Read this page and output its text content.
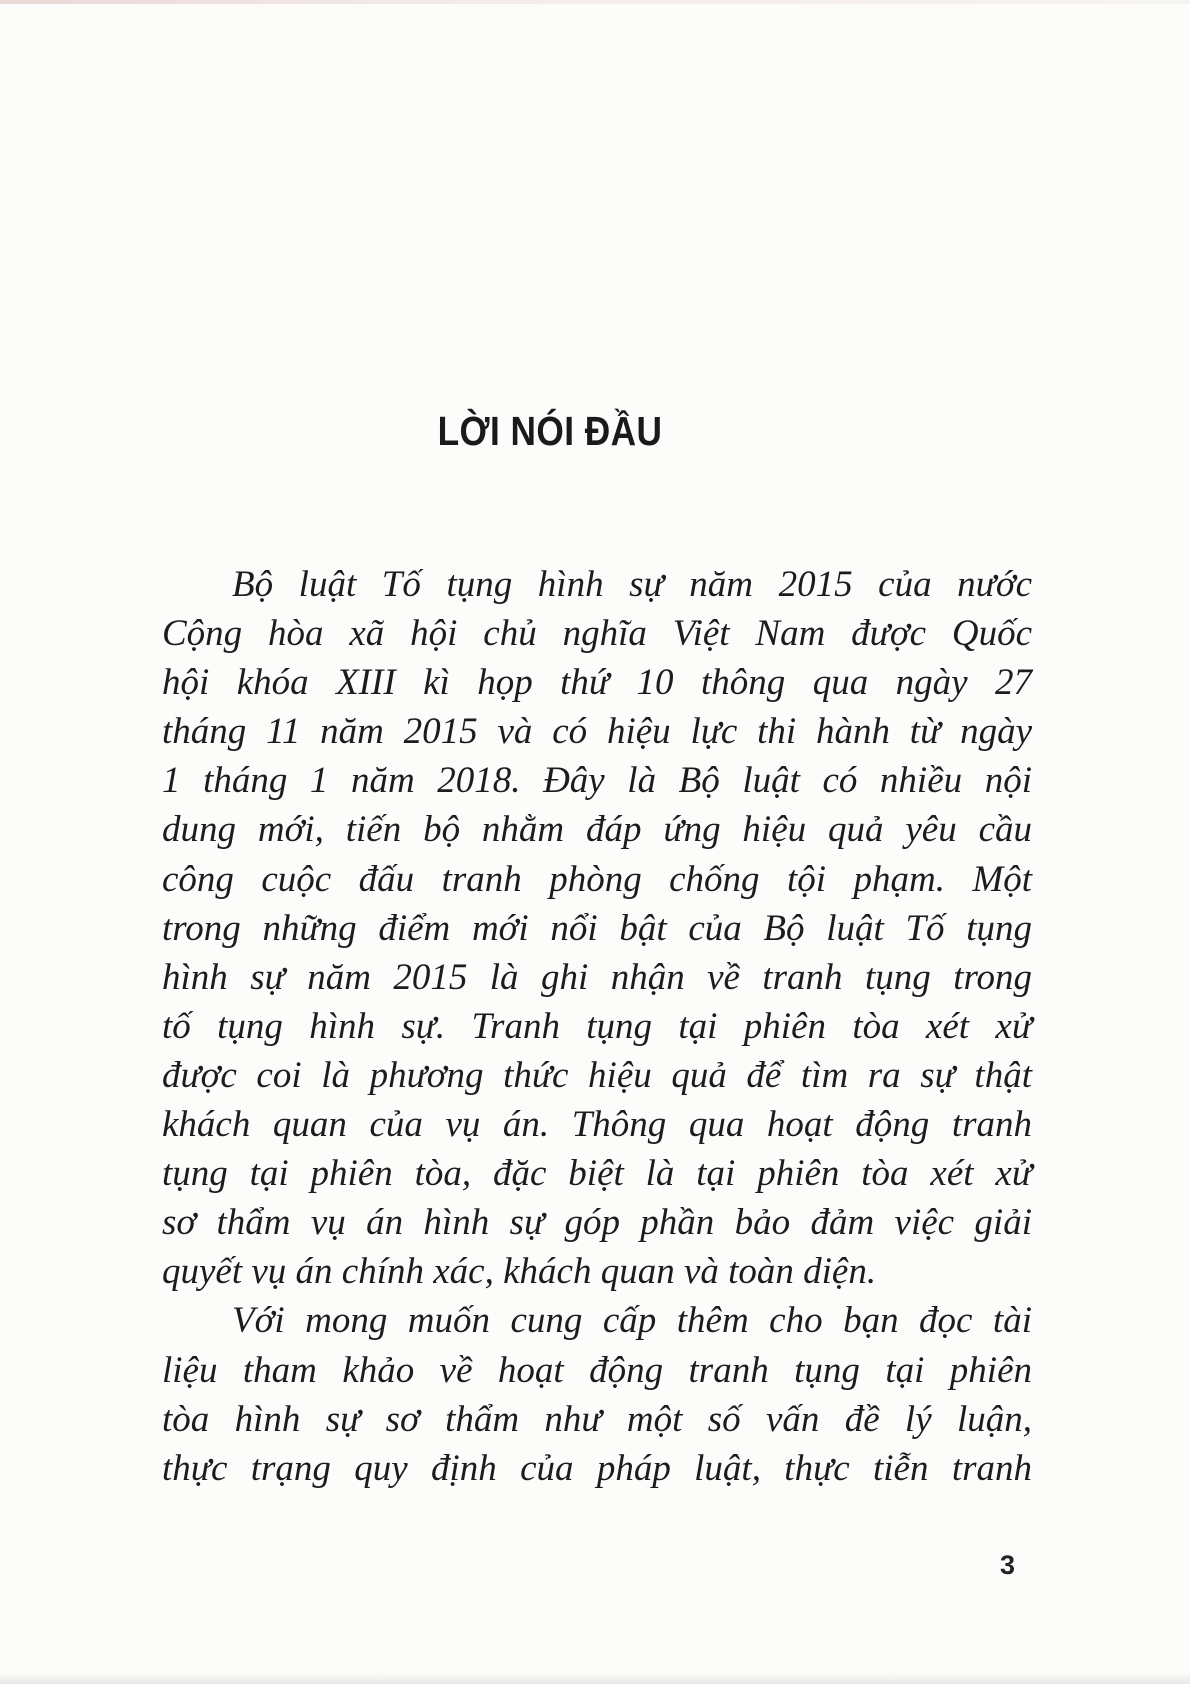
LỜI NÓI ĐẦU
Bộ luật Tố tụng hình sự năm 2015 của nước
Cộng hòa xã hội chủ nghĩa Việt Nam được Quốc
hội khóa XIII kì họp thứ 10 thông qua ngày 27
tháng 11 năm 2015 và có hiệu lực thi hành từ ngày
1 tháng 1 năm 2018. Đây là Bộ luật có nhiều nội
dung mới, tiến bộ nhằm đáp ứng hiệu quả yêu cầu
công cuộc đấu tranh phòng chống tội phạm. Một
trong những điểm mới nổi bật của Bộ luật Tố tụng
hình sự năm 2015 là ghi nhận về tranh tụng trong
tố tụng hình sự. Tranh tụng tại phiên tòa xét xử
được coi là phương thức hiệu quả để tìm ra sự thật
khách quan của vụ án. Thông qua hoạt động tranh
tụng tại phiên tòa, đặc biệt là tại phiên tòa xét xử
sơ thẩm vụ án hình sự góp phần bảo đảm việc giải
quyết vụ án chính xác, khách quan và toàn diện.
Với mong muốn cung cấp thêm cho bạn đọc tài
liệu tham khảo về hoạt động tranh tụng tại phiên
tòa hình sự sơ thẩm như một số vấn đề lý luận,
thực trạng quy định của pháp luật, thực tiễn tranh
3
